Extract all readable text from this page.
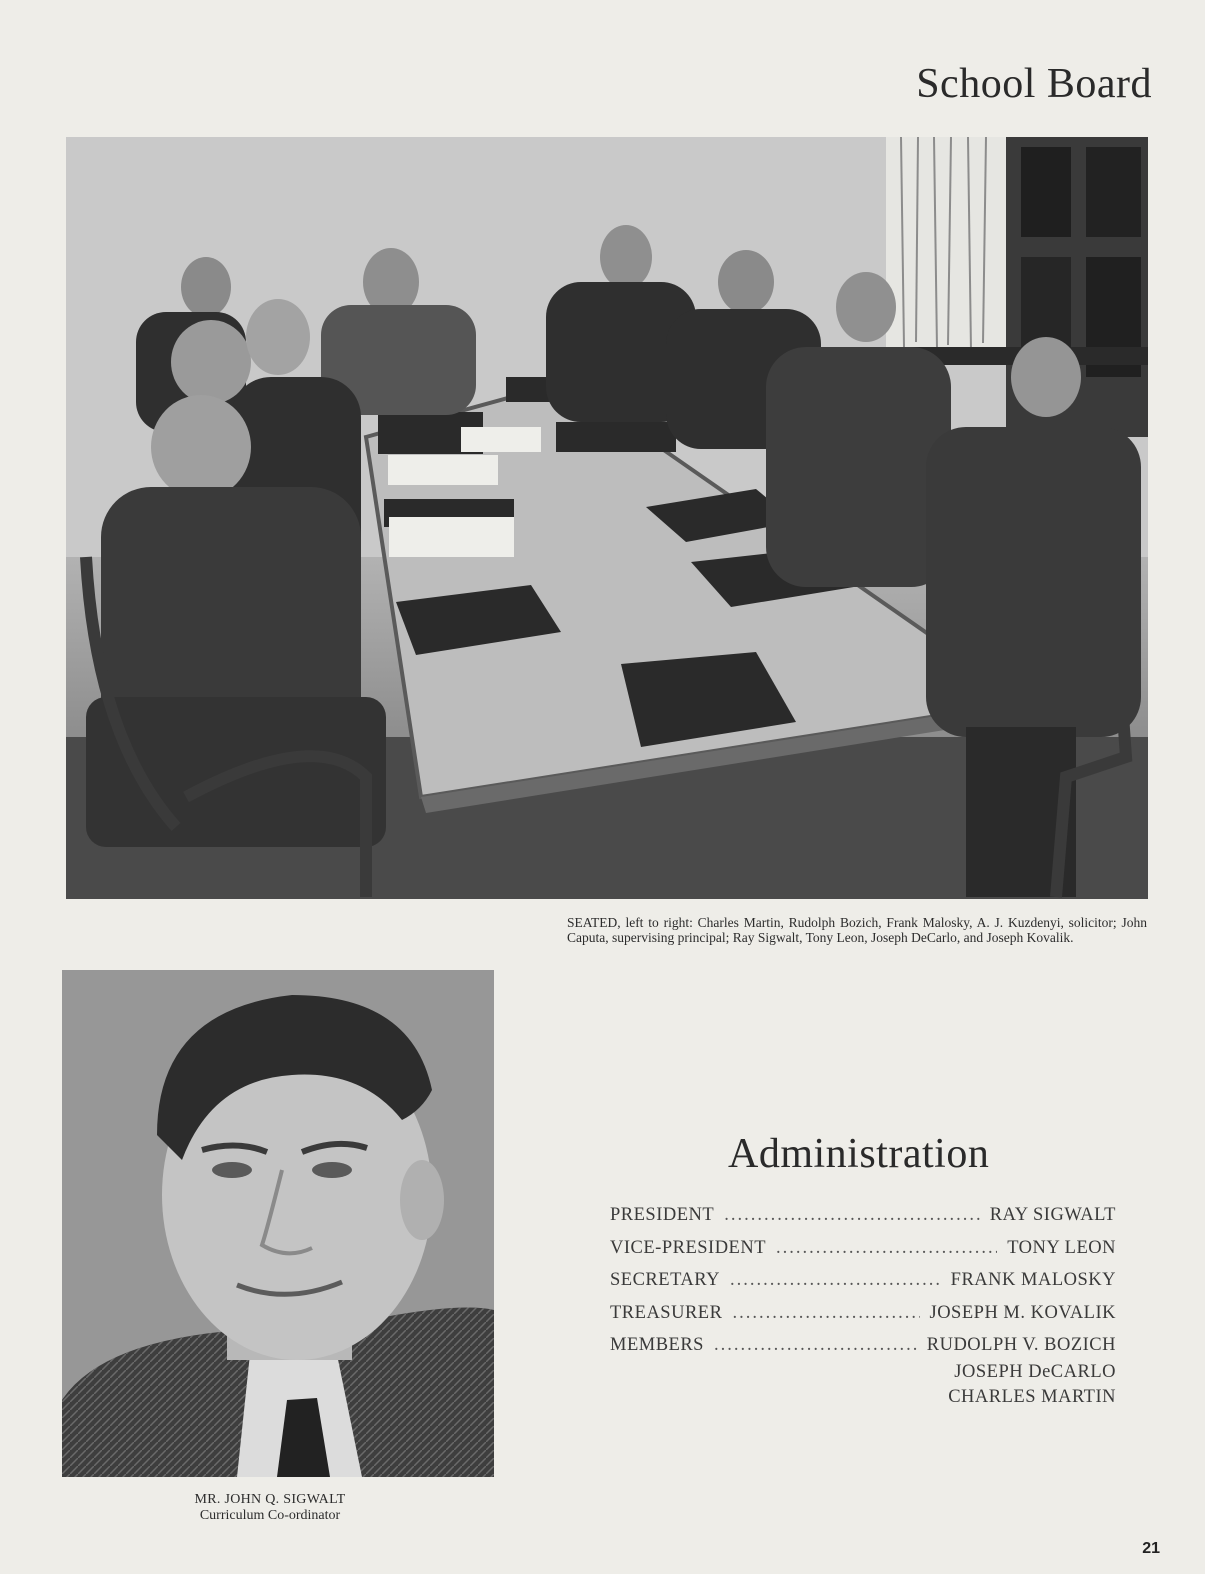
School Board
SEATED, left to right: Charles Martin, Rudolph Bozich, Frank Malosky, A. J. Kuzdenyi, solicitor; John Caputa, supervising principal; Ray Sigwalt, Tony Leon, Joseph DeCarlo, and Joseph Kovalik.
MR. JOHN Q. SIGWALT
Curriculum Co-ordinator
Administration
PRESIDENT .....	RAY SIGWALT
VICE-PRESIDENT .....	TONY LEON
SECRETARY .....	FRANK MALOSKY
TREASURER .....	JOSEPH M. KOVALIK
MEMBERS .....	RUDOLPH V. BOZICH
JOSEPH DeCARLO
CHARLES MARTIN
21
